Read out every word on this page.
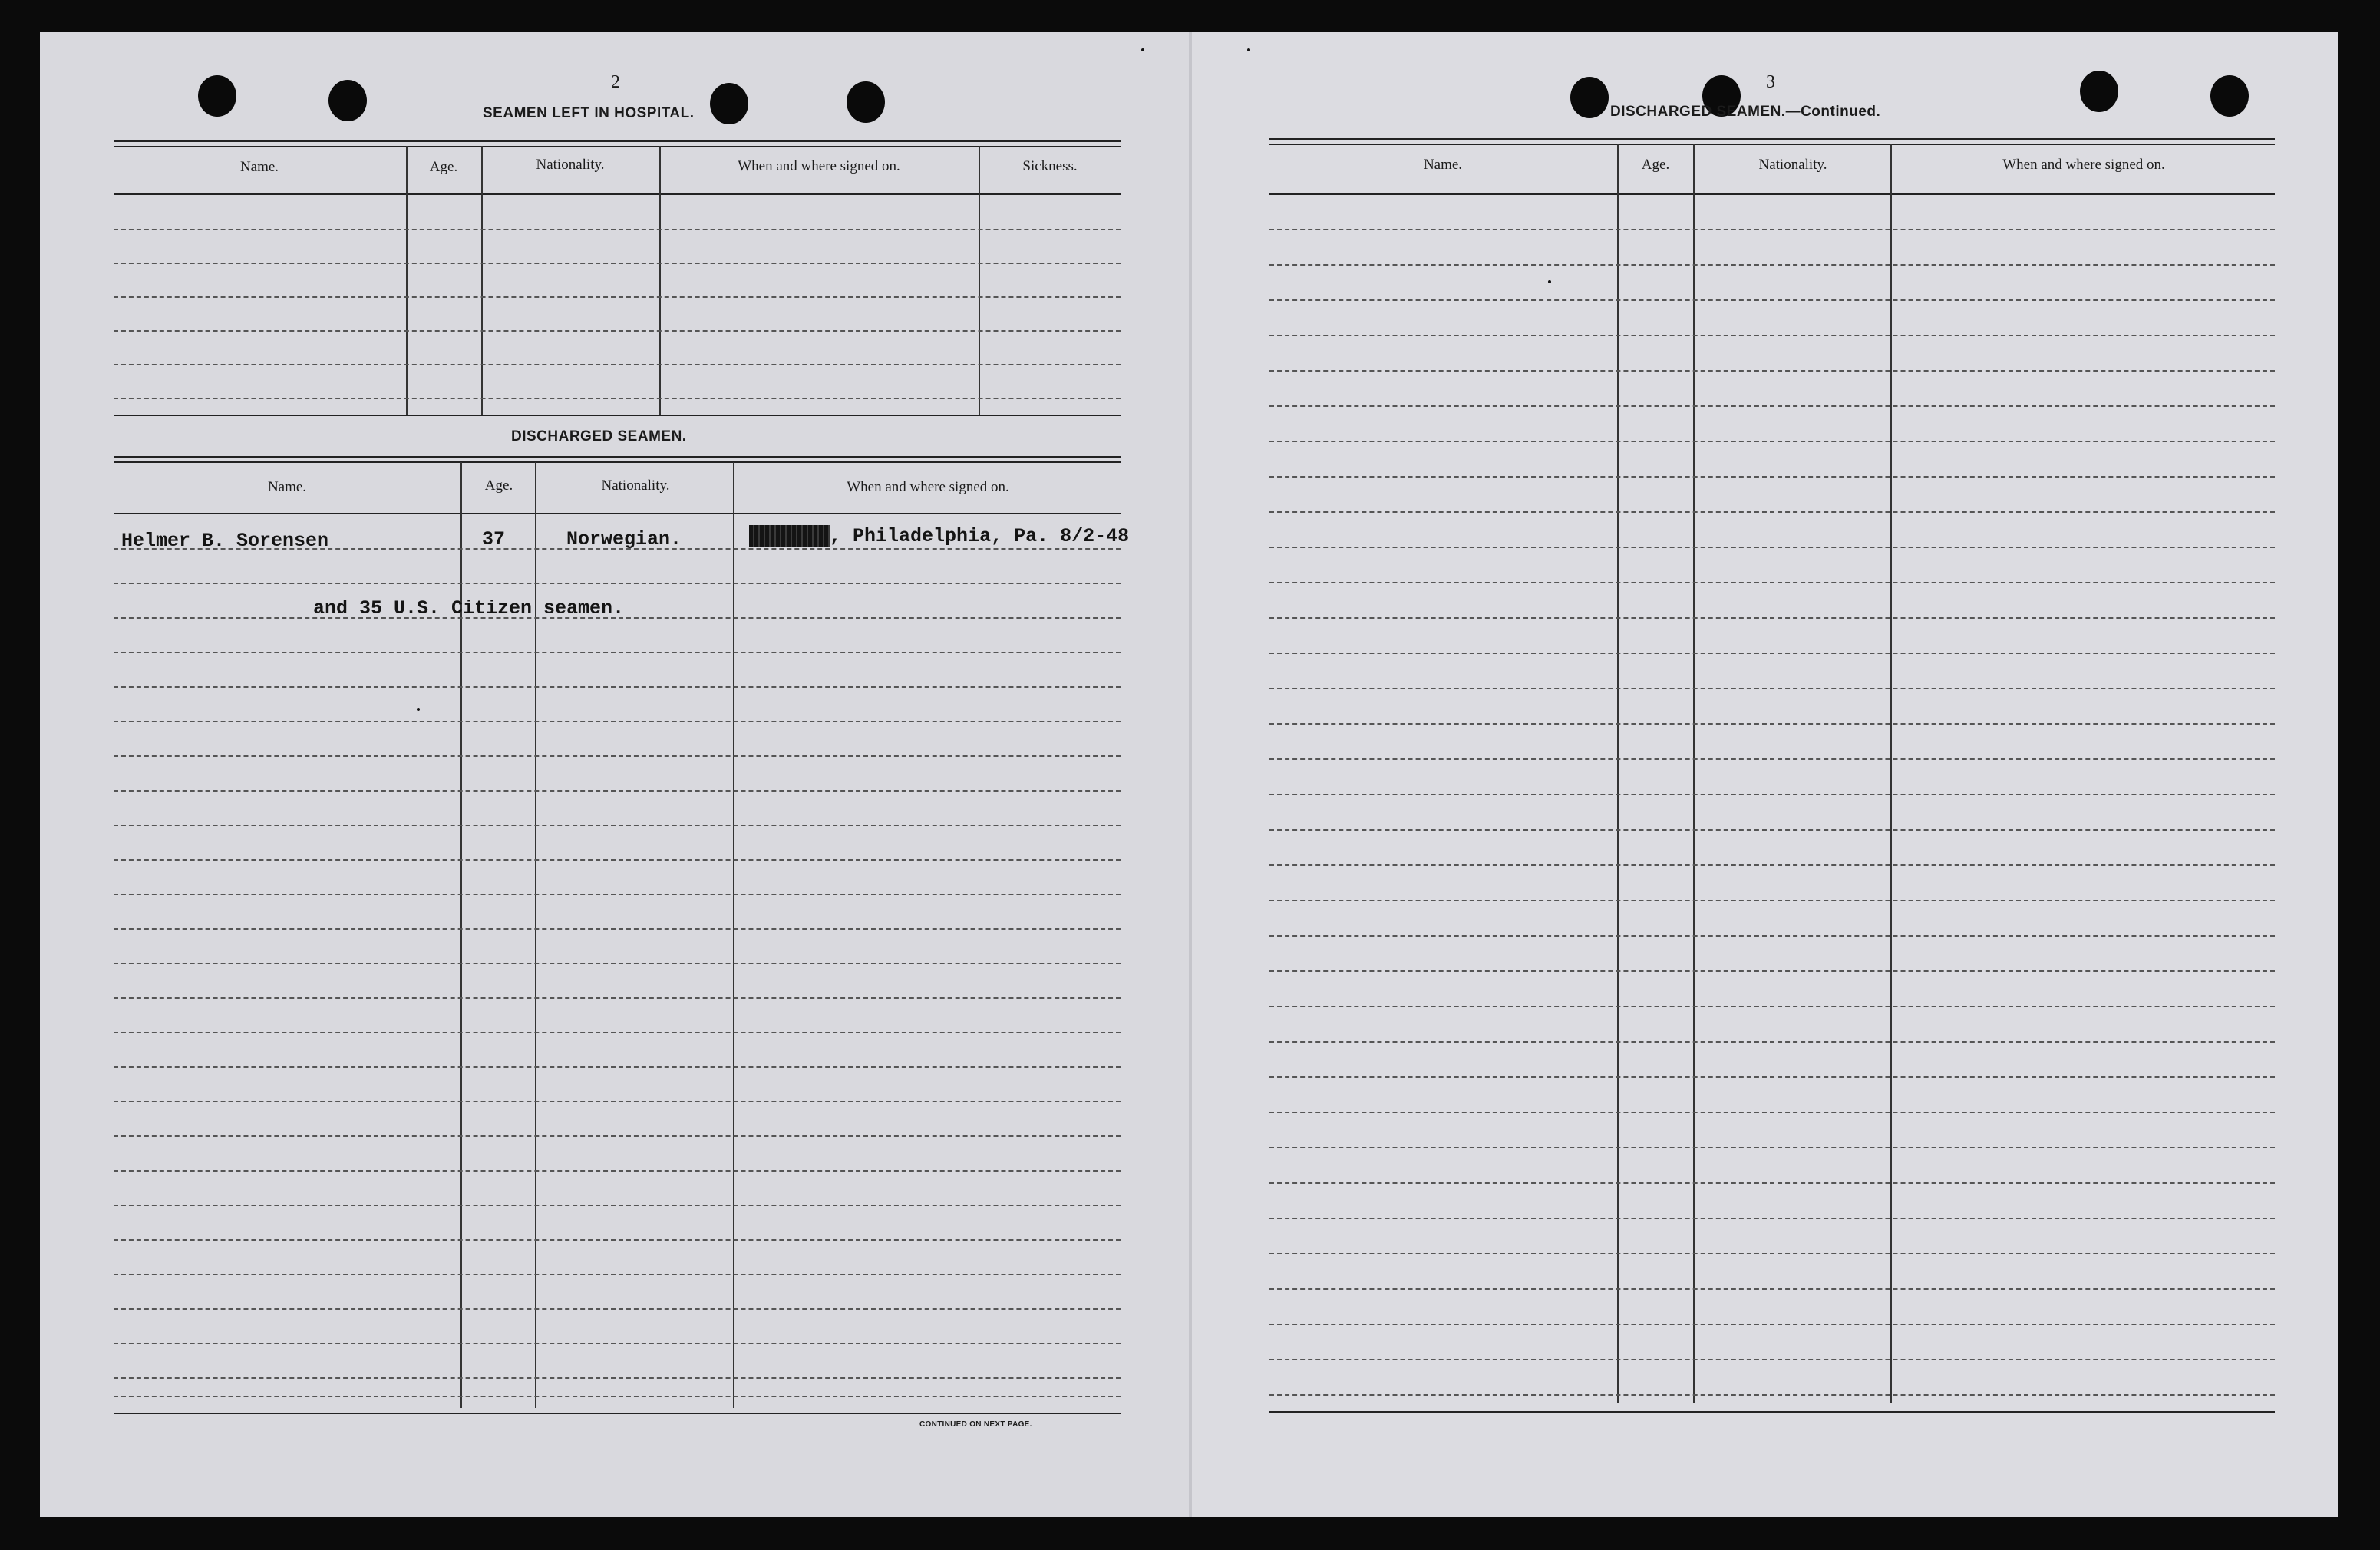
2
SEAMEN LEFT IN HOSPITAL.
Name.	Age.	Nationality.	When and where signed on.	Sickness.
DISCHARGED SEAMEN.
Name.	Age.	Nationality.	When and where signed on.
Helmer B. Sorensen	37	Norwegian.	, Philadelphia, Pa. 8/2-48
and 35 U.S. Citizen seamen.
CONTINUED ON NEXT PAGE.
3
DISCHARGED SEAMEN.—Continued.
Name.	Age.	Nationality.	When and where signed on.
